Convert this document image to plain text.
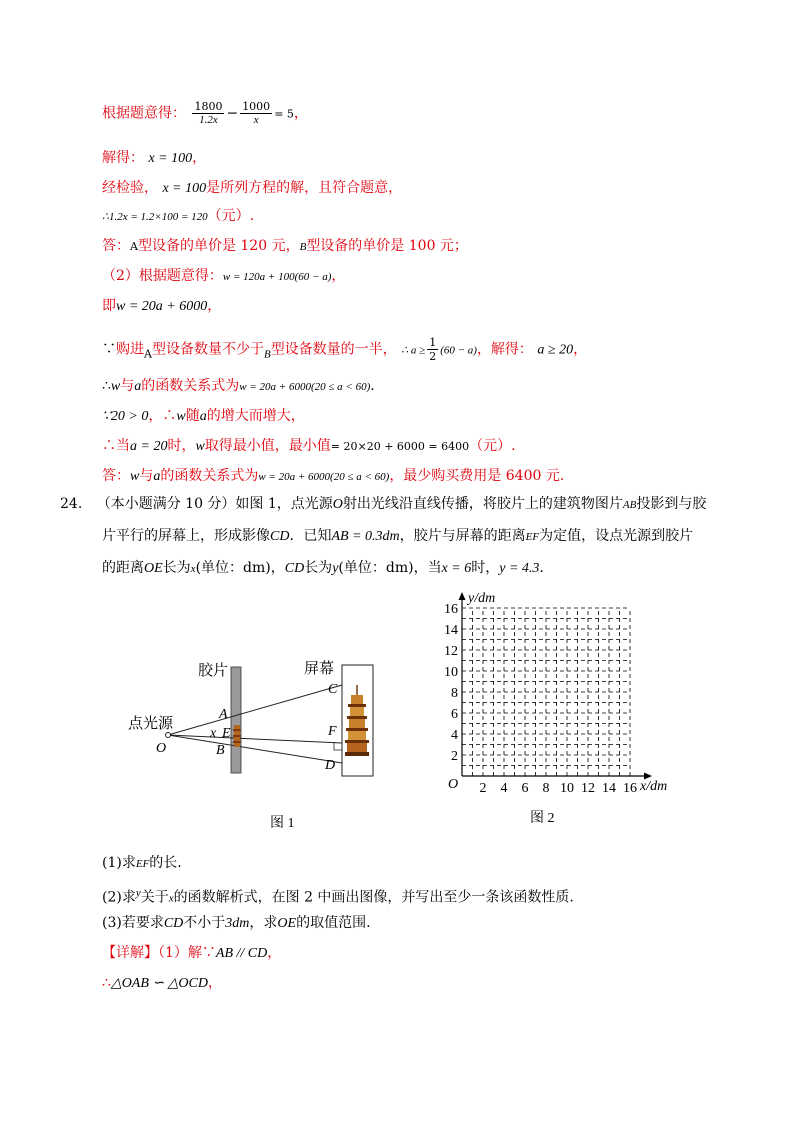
根据题意得： $\frac{1800}{1.2x} - \frac{1000}{x} = 5$，
解得： x = 100，
经检验， x = 100是所列方程的解，且符合题意，
∴1.2x = 1.2×100 = 120（元）.
答：A型设备的单价是 120 元，B型设备的单价是 100 元；
（2）根据题意得：w = 120a + 100(60 − a)，
即w = 20a + 6000，
∵购进$_A$型设备数量不少于$_B$型设备数量的一半， ∴ $a \ge \frac{1}{2} (60 - a)$，解得： a ≥ 20，
∴w与a的函数关系式为w = 20a + 6000(20 ≤ a < 60).
∵20 > 0，∴w随a的增大而增大，
∴当a = 20时，w取得最小值，最小值= 20×20 + 6000 = 6400（元）.
答：w与a的函数关系式为w = 20a + 6000(20 ≤ a < 60)，最少购买费用是 6400 元.
24. （本小题满分 10 分）如图 1，点光源O射出光线沿直线传播，将胶片上的建筑物图片AB投影到与胶
片平行的屏幕上，形成影像CD．已知AB = 0.3dm，胶片与屏幕的距离EF为定值，设点光源到胶片
的距离OE长为x(单位：dm)，CD长为y(单位：dm)，当x = 6时，y = 4.3.
胶片	屏幕
点光源
O
A
B
x E
C
F
D
图 1
2
4
6
8
10
12
14
16
2 4 6 8 10 12 14 16
y/dm
x/dm
O
图 2
(1)求EF的长.
(2)求$^y$关于x的函数解析式，在图 2 中画出图像，并写出至少一条该函数性质.
(3)若要求CD不小于3dm，求OE的取值范围.
【详解】（1）解∵AB // CD，
∴△OAB ∽ △OCD，
